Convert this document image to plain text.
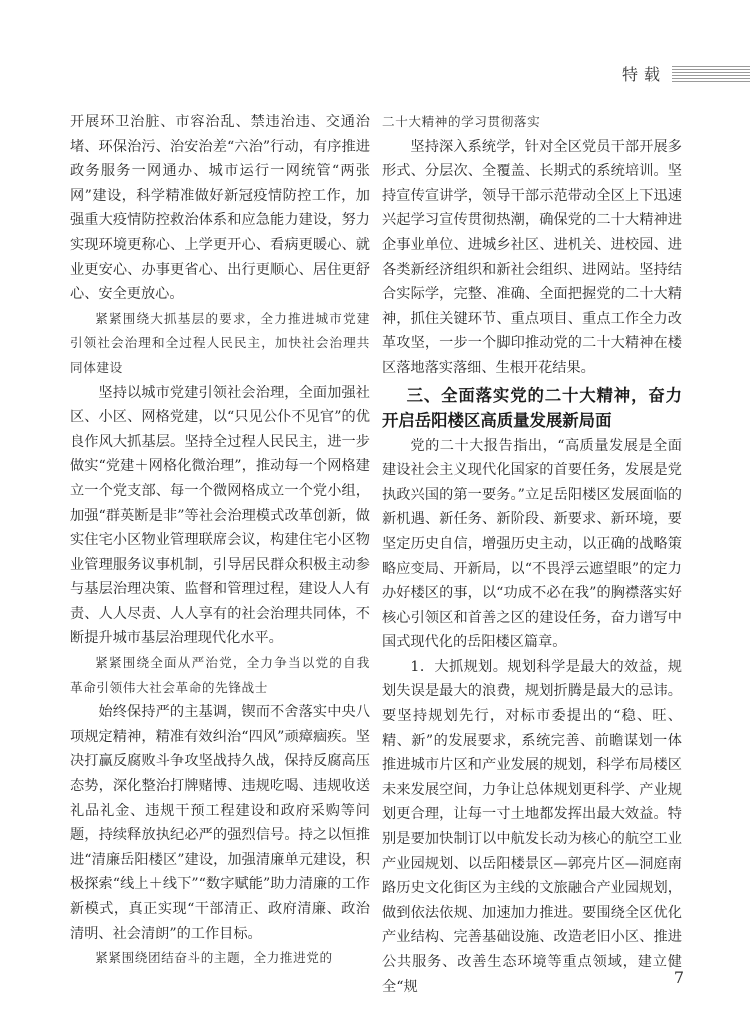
特载

开展环卫治脏、市容治乱、禁违治违、交通治堵、环保治污、治安治差“六治”行动，有序推进政务服务一网通办、城市运行一网统管“两张网”建设，科学精准做好新冠疫情防控工作，加强重大疫情防控救治体系和应急能力建设，努力实现环境更称心、上学更开心、看病更暖心、就业更安心、办事更省心、出行更顺心、居住更舒心、安全更放心。

紧紧围绕大抓基层的要求，全力推进城市党建引领社会治理和全过程人民民主，加快社会治理共同体建设

坚持以城市党建引领社会治理，全面加强社区、小区、网格党建，以“只见公仆不见官”的优良作风大抓基层。坚持全过程人民民主，进一步做实“党建＋网格化微治理”，推动每一个网格建立一个党支部、每一个微网格成立一个党小组，加强“群英断是非”等社会治理模式改革创新，做实住宅小区物业管理联席会议，构建住宅小区物业管理服务议事机制，引导居民群众积极主动参与基层治理决策、监督和管理过程，建设人人有责、人人尽责、人人享有的社会治理共同体，不断提升城市基层治理现代化水平。

紧紧围绕全面从严治党，全力争当以党的自我革命引领伟大社会革命的先锋战士

始终保持严的主基调，锲而不舍落实中央八项规定精神，精准有效纠治“四风”顽瘴痼疾。坚决打赢反腐败斗争攻坚战持久战，保持反腐高压态势，深化整治打牌赌博、违规吃喝、违规收送礼品礼金、违规干预工程建设和政府采购等问题，持续释放执纪必严的强烈信号。持之以恒推进“清廉岳阳楼区”建设，加强清廉单元建设，积极探索“线上＋线下”“数字赋能”助力清廉的工作新模式，真正实现“干部清正、政府清廉、政治清明、社会清朗”的工作目标。

紧紧围绕团结奋斗的主题，全力推进党的

二十大精神的学习贯彻落实

坚持深入系统学，针对全区党员干部开展多形式、分层次、全覆盖、长期式的系统培训。坚持宣传宣讲学，领导干部示范带动全区上下迅速兴起学习宣传贯彻热潮，确保党的二十大精神进企事业单位、进城乡社区、进机关、进校园、进各类新经济组织和新社会组织、进网站。坚持结合实际学，完整、准确、全面把握党的二十大精神，抓住关键环节、重点项目、重点工作全力改革攻坚，一步一个脚印推动党的二十大精神在楼区落地落实落细、生根开花结果。

三、全面落实党的二十大精神，奋力开启岳阳楼区高质量发展新局面

党的二十大报告指出，“高质量发展是全面建设社会主义现代化国家的首要任务，发展是党执政兴国的第一要务。”立足岳阳楼区发展面临的新机遇、新任务、新阶段、新要求、新环境，要坚定历史自信，增强历史主动，以正确的战略策略应变局、开新局，以“不畏浮云遮望眼”的定力办好楼区的事，以“功成不必在我”的胸襟落实好核心引领区和首善之区的建设任务，奋力谱写中国式现代化的岳阳楼区篇章。

1．大抓规划。规划科学是最大的效益，规划失误是最大的浪费，规划折腾是最大的忌讳。要坚持规划先行，对标市委提出的“稳、旺、精、新”的发展要求，系统完善、前瞻谋划一体推进城市片区和产业发展的规划，科学布局楼区未来发展空间，力争让总体规划更科学、产业规划更合理，让每一寸土地都发挥出最大效益。特别是要加快制订以中航发长动为核心的航空工业产业园规划、以岳阳楼景区—郭亮片区—洞庭南路历史文化街区为主线的文旅融合产业园规划，做到依法依规、加速加力推进。要围绕全区优化产业结构、完善基础设施、改造老旧小区、推进公共服务、改善生态环境等重点领域，建立健全“规	7
